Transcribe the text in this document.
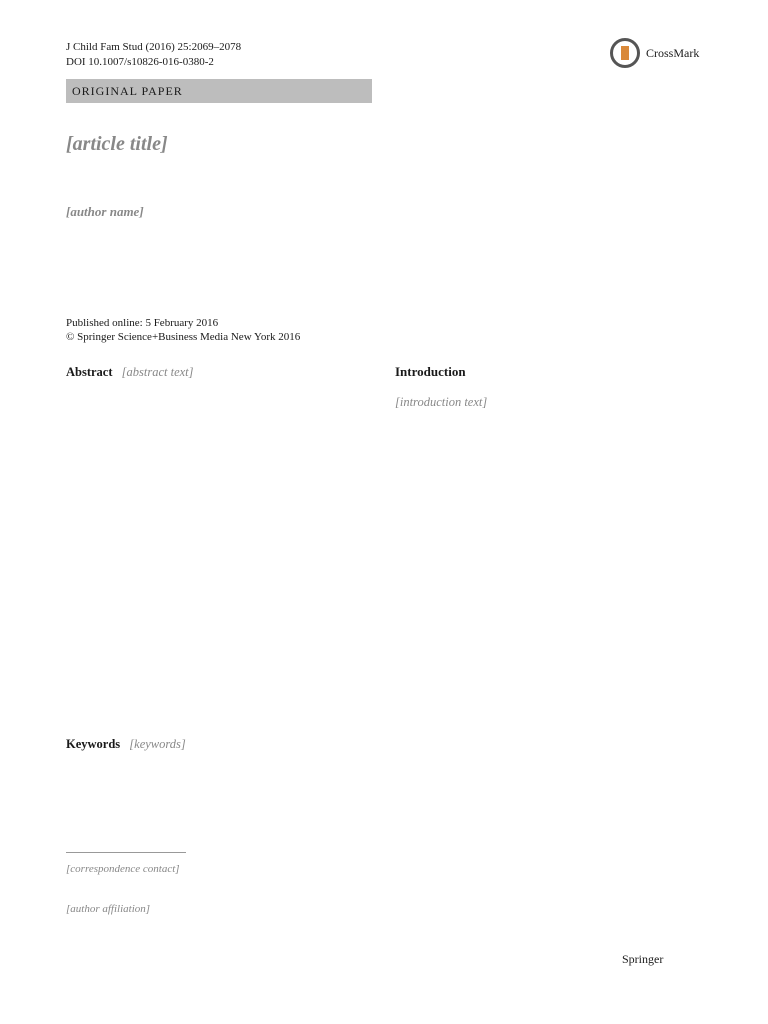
J Child Fam Stud (2016) 25:2069–2078
DOI 10.1007/s10826-016-0380-2
CrossMark
ORIGINAL PAPER
[article title]
[author name]
Published online: 5 February 2016
© Springer Science+Business Media New York 2016
Abstract [abstract text]
Keywords [keywords]
[correspondence contact]
[author affiliation]
Introduction
[introduction text]
Springer
